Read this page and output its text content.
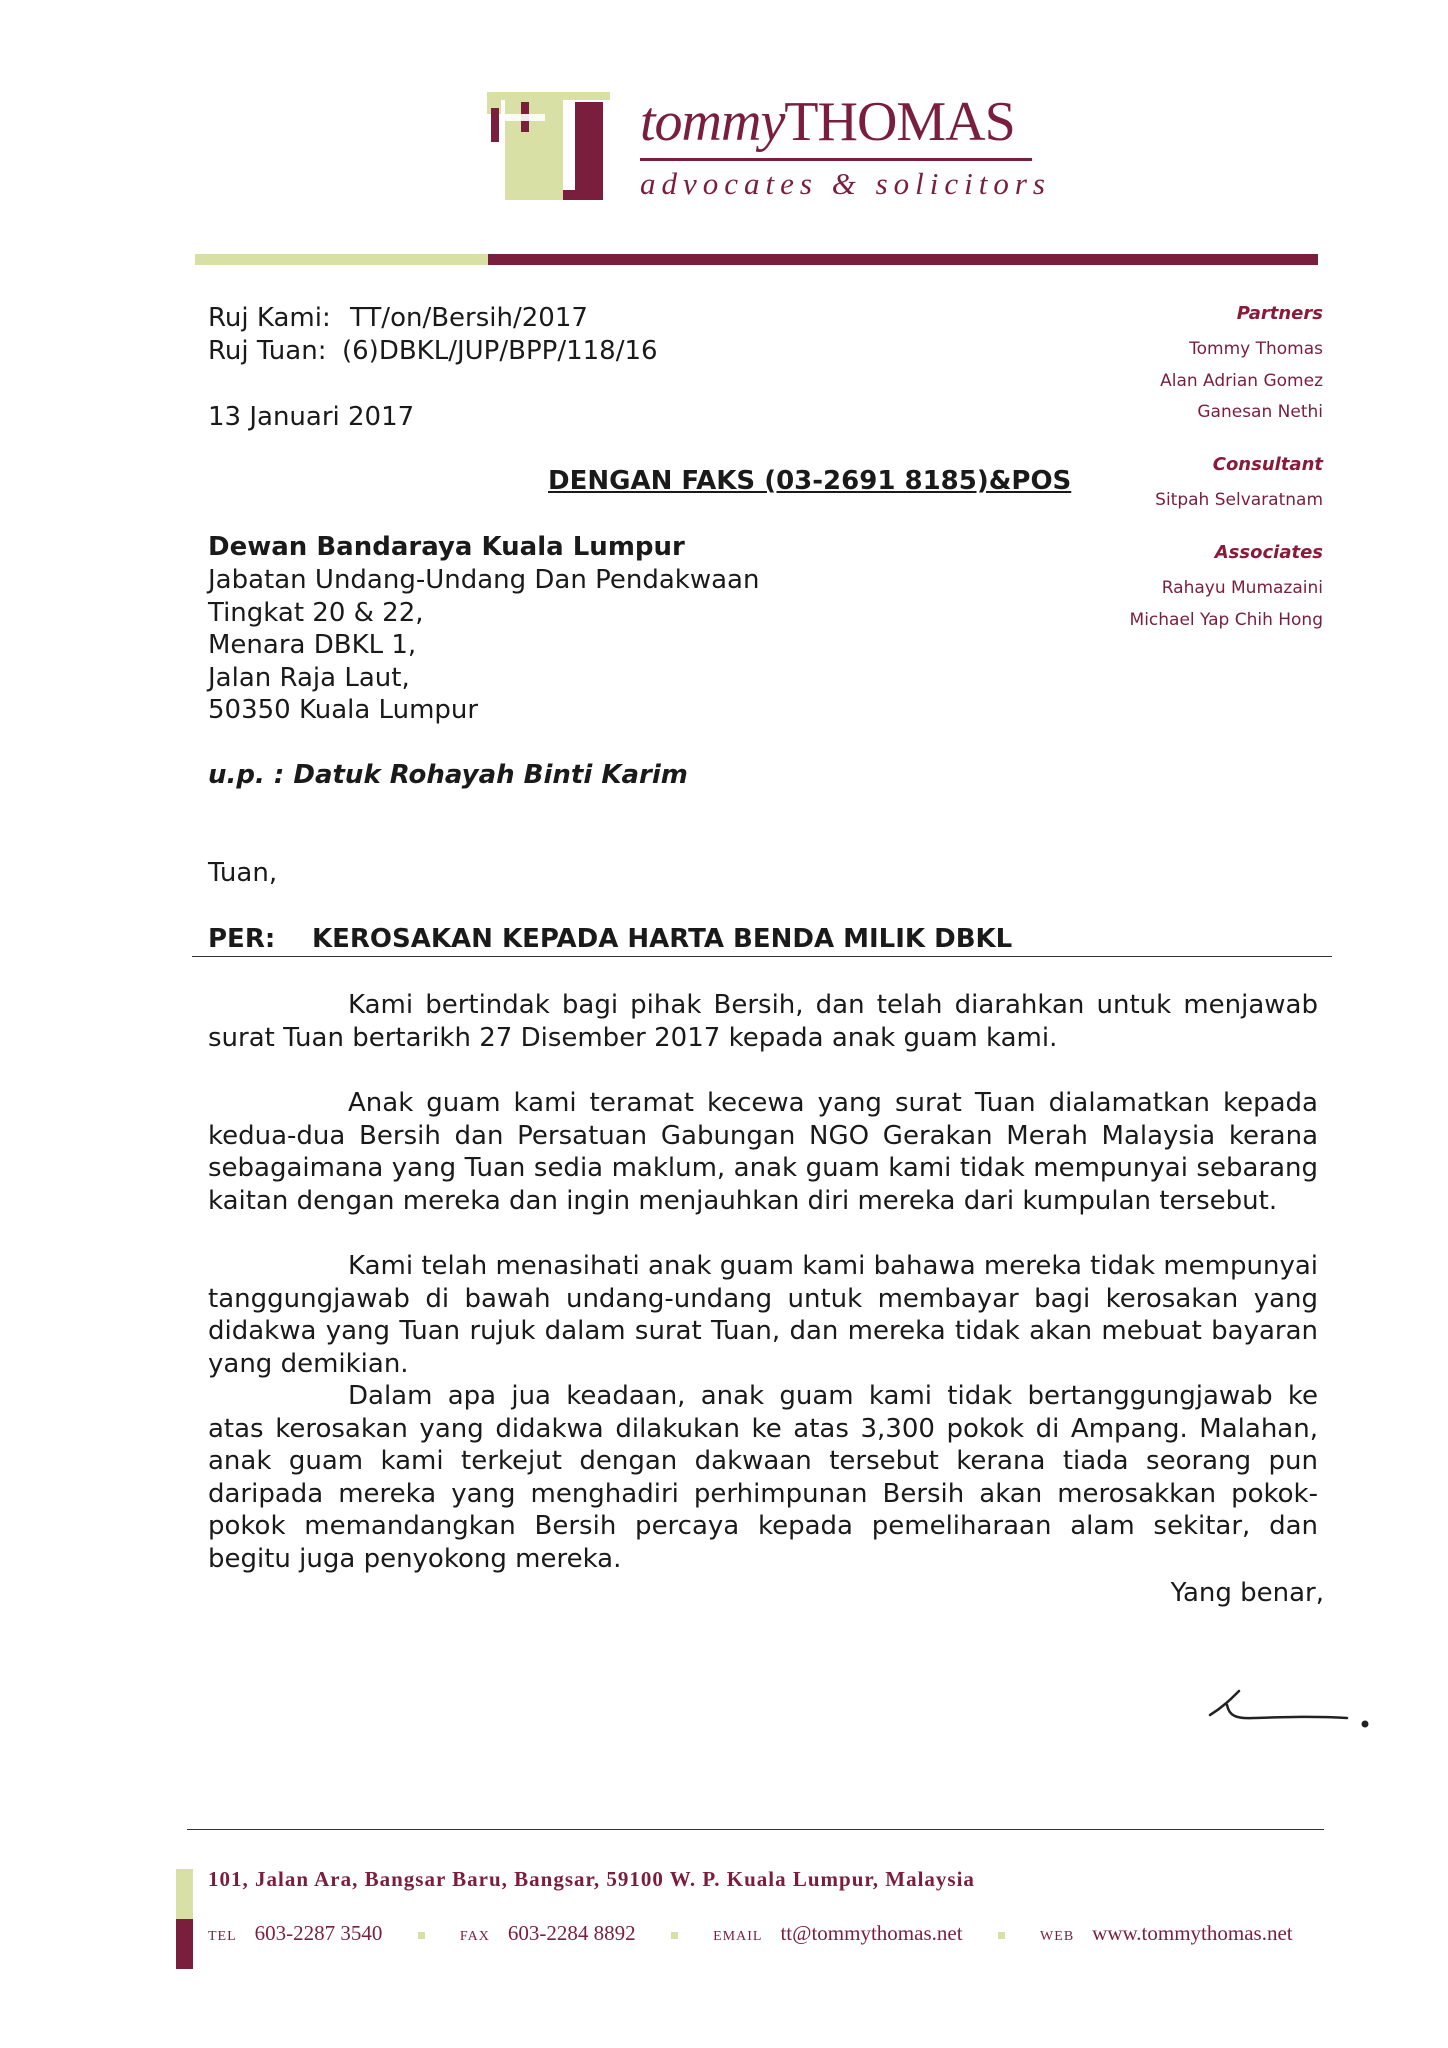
tommyTHOMAS
advocates & solicitors
Ruj Kami: TT/on/Bersih/2017
Ruj Tuan: (6)DBKL/JUP/BPP/118/16
13 Januari 2017
DENGAN FAKS (03-2691 8185)&POS
Partners
Tommy Thomas
Alan Adrian Gomez
Ganesan Nethi
Consultant
Sitpah Selvaratnam
Associates
Rahayu Mumazaini
Michael Yap Chih Hong
Dewan Bandaraya Kuala Lumpur
Jabatan Undang-Undang Dan Pendakwaan
Tingkat 20 & 22,
Menara DBKL 1,
Jalan Raja Laut,
50350 Kuala Lumpur
u.p. : Datuk Rohayah Binti Karim
Tuan,
PER: KEROSAKAN KEPADA HARTA BENDA MILIK DBKL
Kami bertindak bagi pihak Bersih, dan telah diarahkan untuk menjawab surat Tuan bertarikh 27 Disember 2017 kepada anak guam kami.
Anak guam kami teramat kecewa yang surat Tuan dialamatkan kepada kedua-dua Bersih dan Persatuan Gabungan NGO Gerakan Merah Malaysia kerana sebagaimana yang Tuan sedia maklum, anak guam kami tidak mempunyai sebarang kaitan dengan mereka dan ingin menjauhkan diri mereka dari kumpulan tersebut.
Kami telah menasihati anak guam kami bahawa mereka tidak mempunyai tanggungjawab di bawah undang-undang untuk membayar bagi kerosakan yang didakwa yang Tuan rujuk dalam surat Tuan, dan mereka tidak akan mebuat bayaran yang demikian.
Dalam apa jua keadaan, anak guam kami tidak bertanggungjawab ke atas kerosakan yang didakwa dilakukan ke atas 3,300 pokok di Ampang. Malahan, anak guam kami terkejut dengan dakwaan tersebut kerana tiada seorang pun daripada mereka yang menghadiri perhimpunan Bersih akan merosakkan pokok-pokok memandangkan Bersih percaya kepada pemeliharaan alam sekitar, dan begitu juga penyokong mereka.
Yang benar,
101, Jalan Ara, Bangsar Baru, Bangsar, 59100 W. P. Kuala Lumpur, Malaysia
TEL 603-2287 3540	FAX 603-2284 8892	EMAIL tt@tommythomas.net	WEB www.tommythomas.net
